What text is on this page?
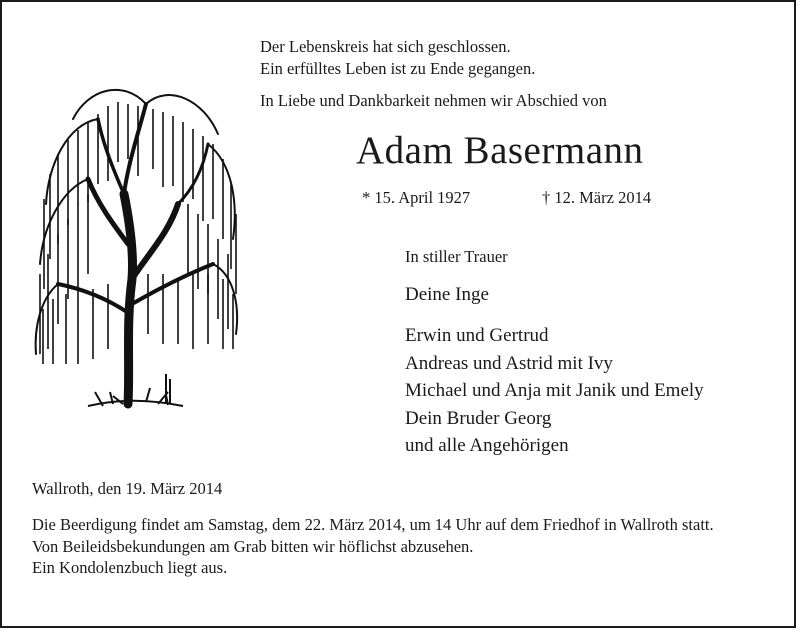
Der Lebenskreis hat sich geschlossen.
Ein erfülltes Leben ist zu Ende gegangen.
In Liebe und Dankbarkeit nehmen wir Abschied von
Adam Basermann
* 15. April 1927	† 12. März 2014
In stiller Trauer
Deine Inge
Erwin und Gertrud
Andreas und Astrid mit Ivy
Michael und Anja mit Janik und Emely
Dein Bruder Georg
und alle Angehörigen
Wallroth, den 19. März 2014
Die Beerdigung findet am Samstag, dem 22. März 2014, um 14 Uhr auf dem Friedhof in Wallroth statt.
Von Beileidsbekundungen am Grab bitten wir höflichst abzusehen.
Ein Kondolenzbuch liegt aus.
